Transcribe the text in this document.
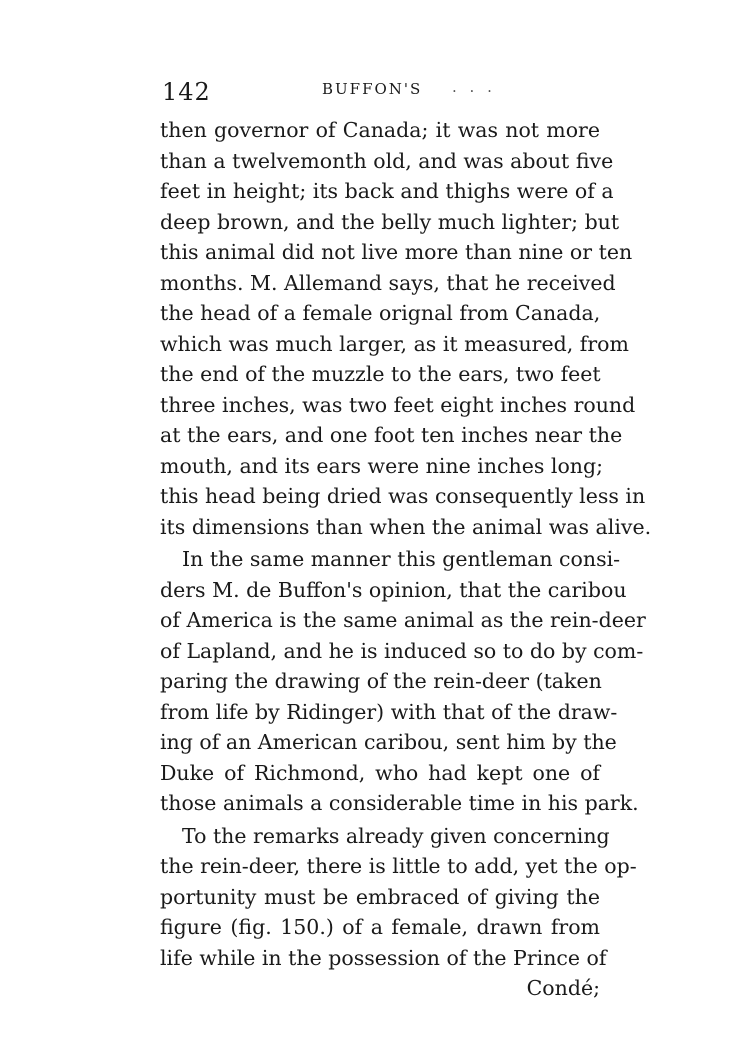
142	BUFFON'S . . .
then governor of Canada; it was not more
than a twelvemonth old, and was about five
feet in height; its back and thighs were of a
deep brown, and the belly much lighter; but
this animal did not live more than nine or ten
months. M. Allemand says, that he received
the head of a female orignal from Canada,
which was much larger, as it measured, from
the end of the muzzle to the ears, two feet
three inches, was two feet eight inches round
at the ears, and one foot ten inches near the
mouth, and its ears were nine inches long;
this head being dried was consequently less in
its dimensions than when the animal was alive.
In the same manner this gentleman consi-
ders M. de Buffon's opinion, that the caribou
of America is the same animal as the rein-deer
of Lapland, and he is induced so to do by com-
paring the drawing of the rein-deer (taken
from life by Ridinger) with that of the draw-
ing of an American caribou, sent him by the
Duke of Richmond, who had kept one of
those animals a considerable time in his park.
To the remarks already given concerning
the rein-deer, there is little to add, yet the op-
portunity must be embraced of giving the
figure (fig. 150.) of a female, drawn from
life while in the possession of the Prince of
Condé;
